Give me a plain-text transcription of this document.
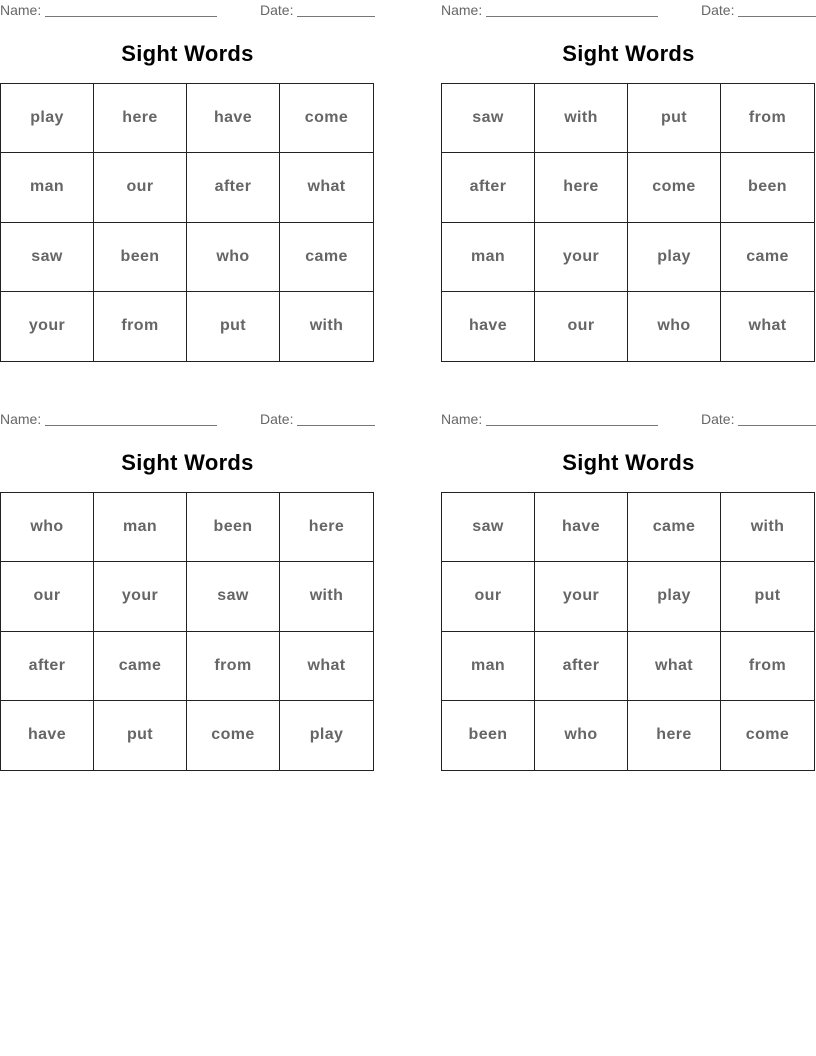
Name:	Date:
Sight Words
play	here	have	come
man	our	after	what
saw	been	who	came
your	from	put	with
Name:	Date:
Sight Words
saw	with	put	from
after	here	come	been
man	your	play	came
have	our	who	what
Name:	Date:
Sight Words
who	man	been	here
our	your	saw	with
after	came	from	what
have	put	come	play
Name:	Date:
Sight Words
saw	have	came	with
our	your	play	put
man	after	what	from
been	who	here	come
